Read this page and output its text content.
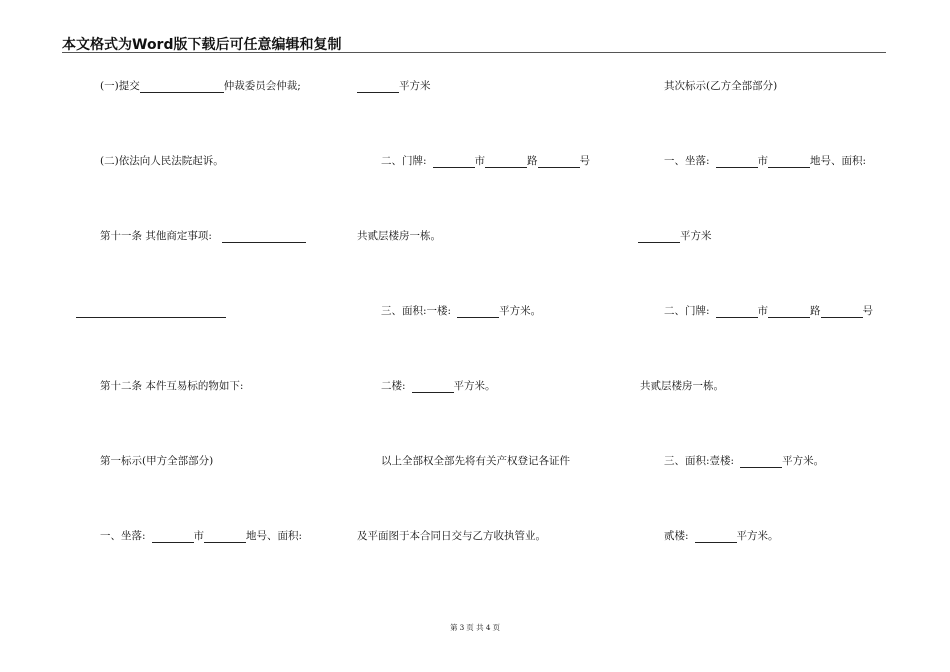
本文格式为Word版下载后可任意编辑和复制
(一)提交	仲裁委员会仲裁;
(二)依法向人民法院起诉。
第十一条 其他商定事项:
第十二条 本件互易标的物如下:
第一标示(甲方全部部分)
一、坐落:	市	地号、面积:
平方米
二、门牌:	市	路	号
共贰层楼房一栋。
三、面积:一楼:	平方米。
二楼:	平方米。
以上全部权全部先将有关产权登记各证件
及平面图于本合同日交与乙方收执管业。
其次标示(乙方全部部分)
一、坐落:	市	地号、面积:
平方米
二、门牌:	市	路	号
共贰层楼房一栋。
三、面积:壹楼:	平方米。
贰楼:	平方米。
第 3 页 共 4 页
